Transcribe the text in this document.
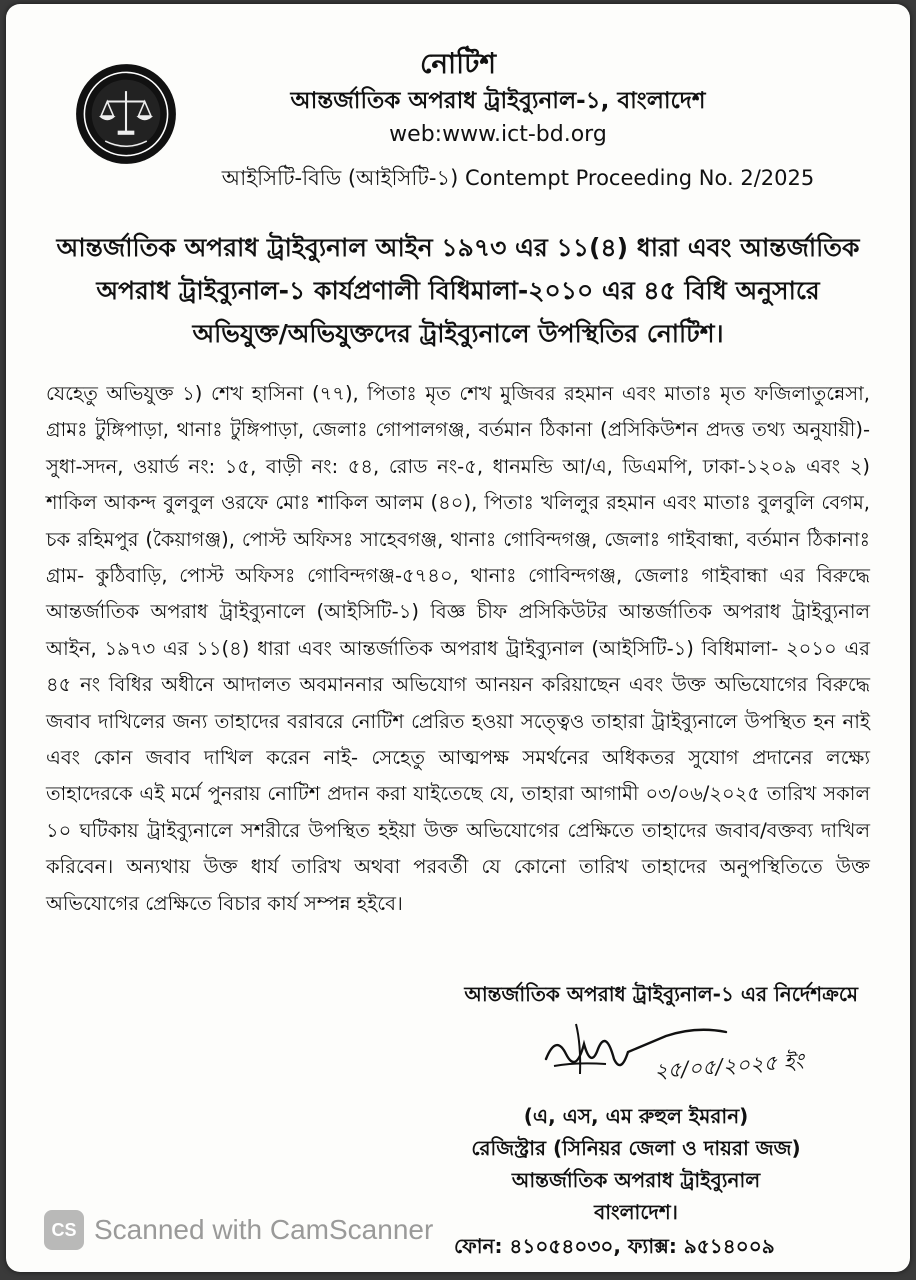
নোটিশ

আন্তর্জাতিক অপরাধ ট্রাইব্যুনাল-১, বাংলাদেশ

web:www.ict-bd.org

আইসিটি-বিডি (আইসিটি-১) Contempt Proceeding No. 2/2025

আন্তর্জাতিক অপরাধ ট্রাইব্যুনাল আইন ১৯৭৩ এর ১১(৪) ধারা এবং আন্তর্জাতিক অপরাধ ট্রাইব্যুনাল-১ কার্যপ্রণালী বিধিমালা-২০১০ এর ৪৫ বিধি অনুসারে অভিযুক্ত/অভিযুক্তদের ট্রাইব্যুনালে উপস্থিতির নোটিশ।

যেহেতু অভিযুক্ত ১) শেখ হাসিনা (৭৭), পিতাঃ মৃত শেখ মুজিবর রহমান এবং মাতাঃ মৃত ফজিলাতুন্নেসা, গ্রামঃ টুঙ্গিপাড়া, থানাঃ টুঙ্গিপাড়া, জেলাঃ গোপালগঞ্জ, বর্তমান ঠিকানা (প্রসিকিউশন প্রদত্ত তথ্য অনুযায়ী)-সুধা-সদন, ওয়ার্ড নং: ১৫, বাড়ী নং: ৫৪, রোড নং-৫, ধানমন্ডি আ/এ, ডিএমপি, ঢাকা-১২০৯ এবং ২) শাকিল আকন্দ বুলবুল ওরফে মোঃ শাকিল আলম (৪০), পিতাঃ খলিলুর রহমান এবং মাতাঃ বুলবুলি বেগম, চক রহিমপুর (কৈয়াগঞ্জ), পোস্ট অফিসঃ সাহেবগঞ্জ, থানাঃ গোবিন্দগঞ্জ, জেলাঃ গাইবান্ধা, বর্তমান ঠিকানাঃ গ্রাম- কুঠিবাড়ি, পোস্ট অফিসঃ গোবিন্দগঞ্জ-৫৭৪০, থানাঃ গোবিন্দগঞ্জ, জেলাঃ গাইবান্ধা এর বিরুদ্ধে আন্তর্জাতিক অপরাধ ট্রাইব্যুনালে (আইসিটি-১) বিজ্ঞ চীফ প্রসিকিউটর আন্তর্জাতিক অপরাধ ট্রাইব্যুনাল আইন, ১৯৭৩ এর ১১(৪) ধারা এবং আন্তর্জাতিক অপরাধ ট্রাইব্যুনাল (আইসিটি-১) বিধিমালা- ২০১০ এর ৪৫ নং বিধির অধীনে আদালত অবমাননার অভিযোগ আনয়ন করিয়াছেন এবং উক্ত অভিযোগের বিরুদ্ধে জবাব দাখিলের জন্য তাহাদের বরাবরে নোটিশ প্রেরিত হওয়া সত্ত্বেও তাহারা ট্রাইব্যুনালে উপস্থিত হন নাই এবং কোন জবাব দাখিল করেন নাই- সেহেতু আত্মপক্ষ সমর্থনের অধিকতর সুযোগ প্রদানের লক্ষ্যে তাহাদেরকে এই মর্মে পুনরায় নোটিশ প্রদান করা যাইতেছে যে, তাহারা আগামী ০৩/০৬/২০২৫ তারিখ সকাল ১০ ঘটিকায় ট্রাইব্যুনালে সশরীরে উপস্থিত হইয়া উক্ত অভিযোগের প্রেক্ষিতে তাহাদের জবাব/বক্তব্য দাখিল করিবেন। অন্যথায় উক্ত ধার্য তারিখ অথবা পরবর্তী যে কোনো তারিখ তাহাদের অনুপস্থিতিতে উক্ত অভিযোগের প্রেক্ষিতে বিচার কার্য সম্পন্ন হইবে।

আন্তর্জাতিক অপরাধ ট্রাইব্যুনাল-১ এর নির্দেশক্রমে

২৫/০৫/২০২৫ ইং

(এ, এস, এম রুহুল ইমরান)

রেজিস্ট্রার (সিনিয়র জেলা ও দায়রা জজ)

আন্তর্জাতিক অপরাধ ট্রাইব্যুনাল

বাংলাদেশ।

ফোন: ৪১০৫৪০৩০, ফ্যাক্স: ৯৫১৪০০৯

CS Scanned with CamScanner
